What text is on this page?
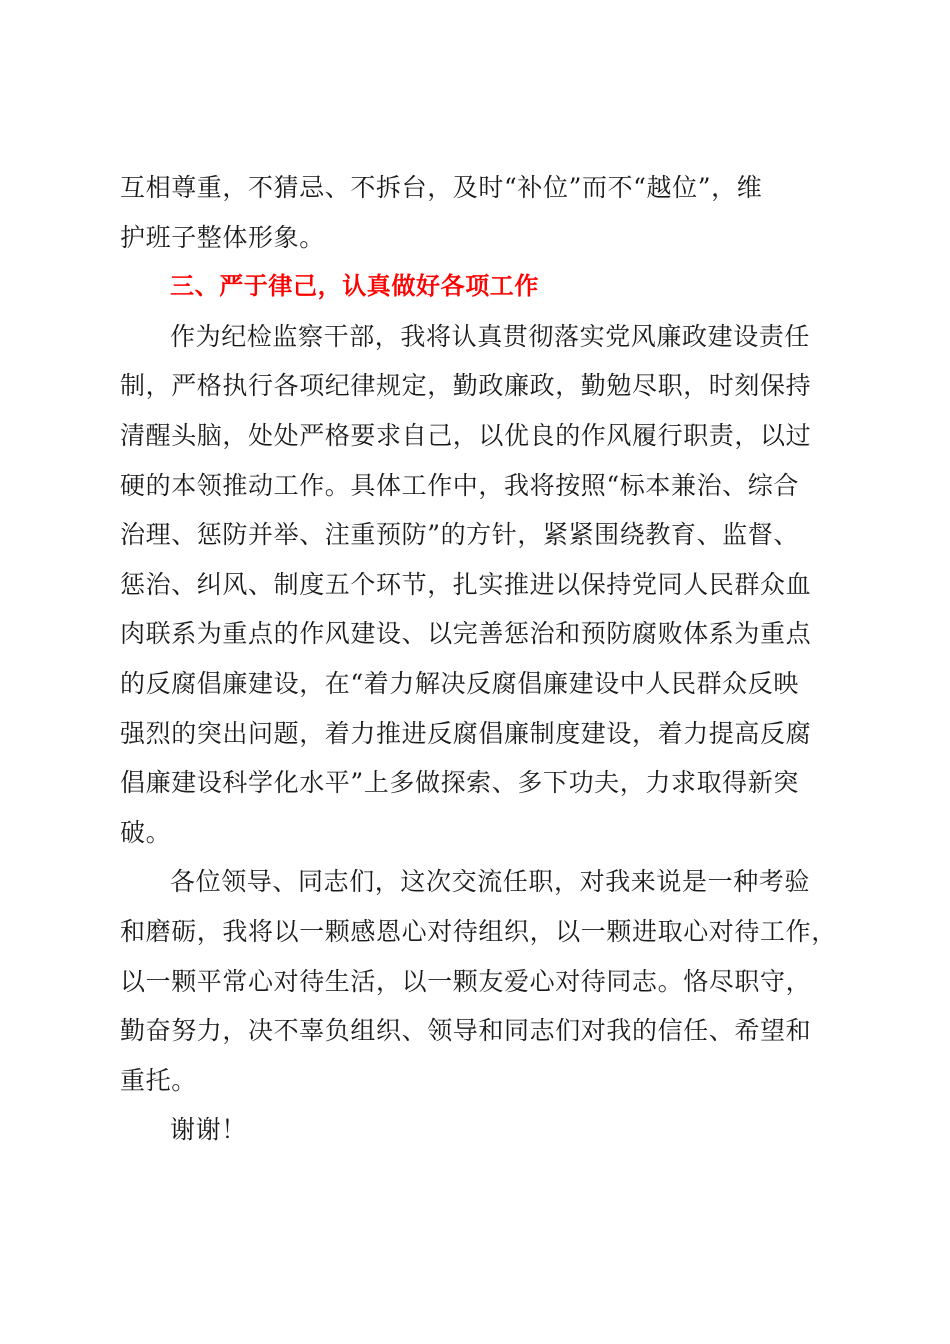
互相尊重，不猜忌、不拆台，及时“补位”而不“越位”，维
护班子整体形象。
三、严于律己，认真做好各项工作
作为纪检监察干部，我将认真贯彻落实党风廉政建设责任
制，严格执行各项纪律规定，勤政廉政，勤勉尽职，时刻保持
清醒头脑，处处严格要求自己，以优良的作风履行职责，以过
硬的本领推动工作。具体工作中，我将按照“标本兼治、综合
治理、惩防并举、注重预防”的方针，紧紧围绕教育、监督、
惩治、纠风、制度五个环节，扎实推进以保持党同人民群众血
肉联系为重点的作风建设、以完善惩治和预防腐败体系为重点
的反腐倡廉建设，在“着力解决反腐倡廉建设中人民群众反映
强烈的突出问题，着力推进反腐倡廉制度建设，着力提高反腐
倡廉建设科学化水平”上多做探索、多下功夫，力求取得新突
破。
各位领导、同志们，这次交流任职，对我来说是一种考验
和磨砺，我将以一颗感恩心对待组织，以一颗进取心对待工作，
以一颗平常心对待生活，以一颗友爱心对待同志。恪尽职守，
勤奋努力，决不辜负组织、领导和同志们对我的信任、希望和
重托。
谢谢！
